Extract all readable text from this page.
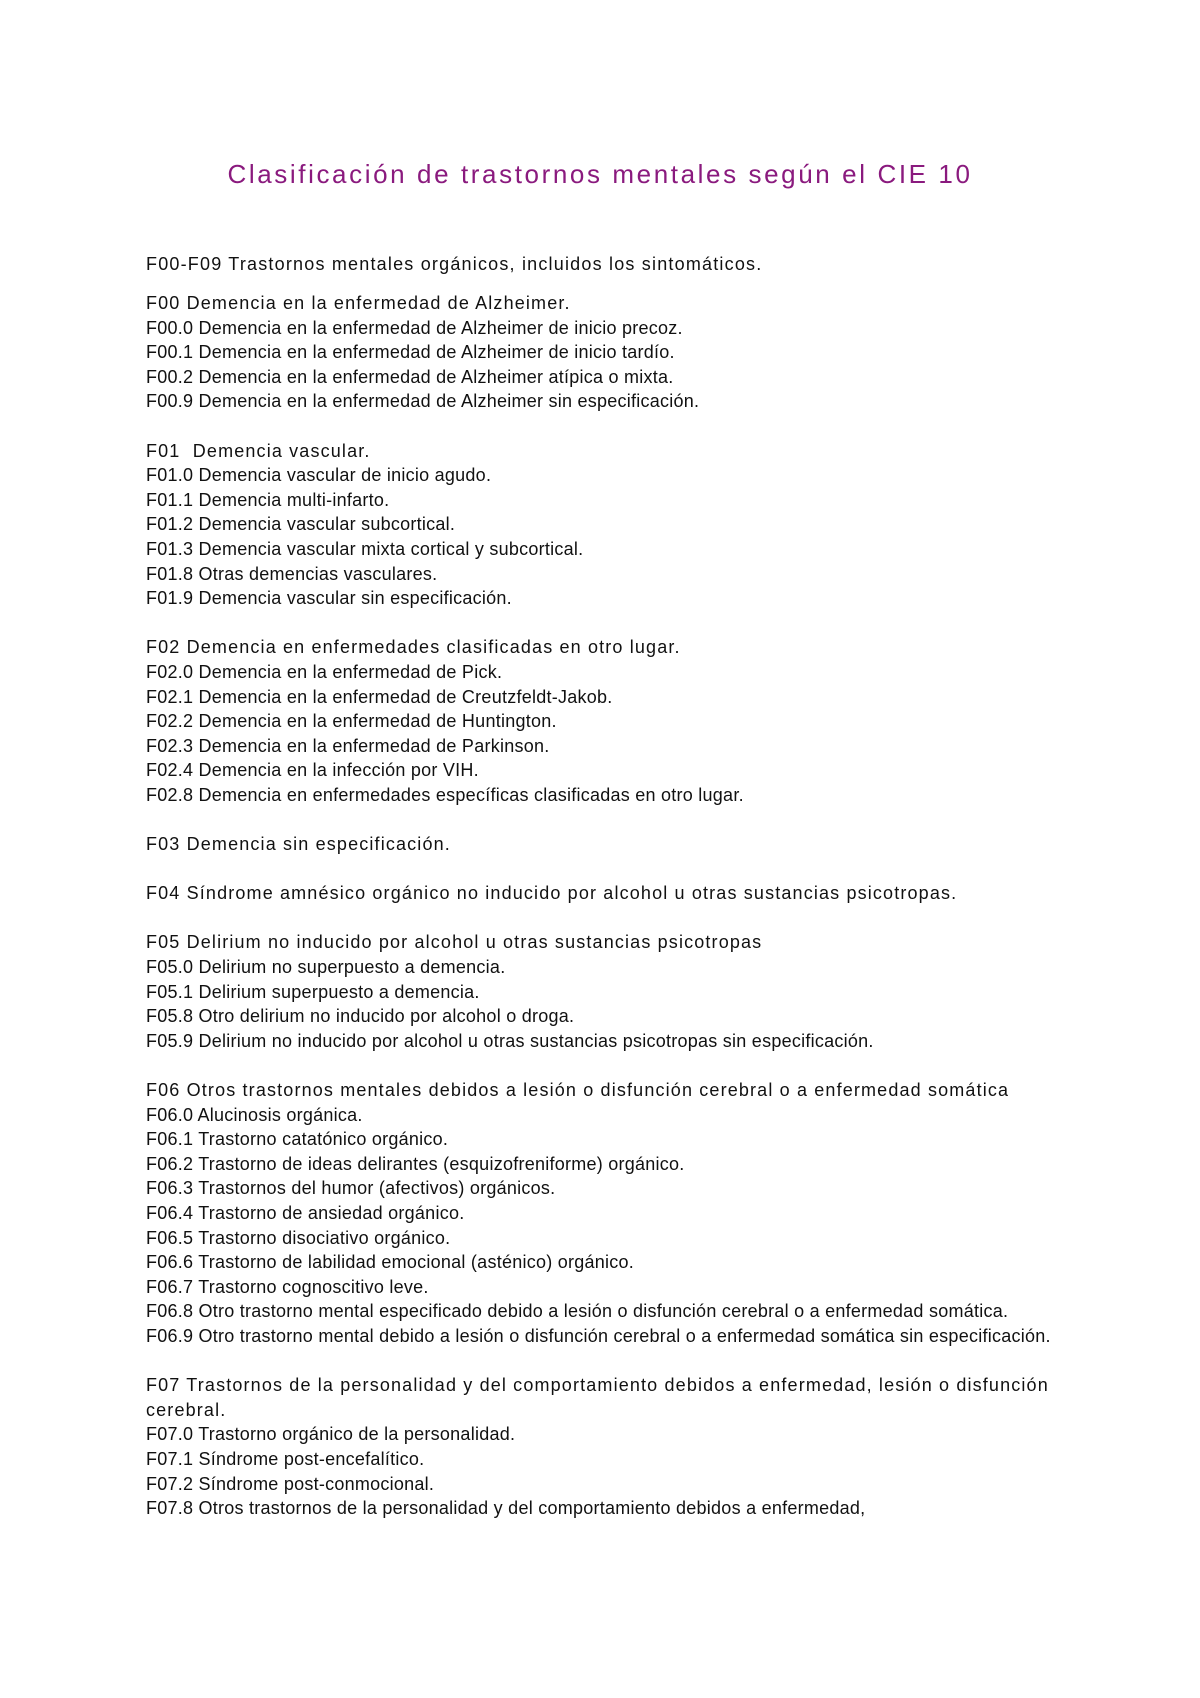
Clasificación de trastornos mentales según el CIE 10

F00-F09 Trastornos mentales orgánicos, incluidos los sintomáticos.

F00 Demencia en la enfermedad de Alzheimer.

F00.0 Demencia en la enfermedad de Alzheimer de inicio precoz.

F00.1 Demencia en la enfermedad de Alzheimer de inicio tardío.

F00.2 Demencia en la enfermedad de Alzheimer atípica o mixta.

F00.9 Demencia en la enfermedad de Alzheimer sin especificación.

F01  Demencia vascular.

F01.0 Demencia vascular de inicio agudo.

F01.1 Demencia multi-infarto.

F01.2 Demencia vascular subcortical.

F01.3 Demencia vascular mixta cortical y subcortical.

F01.8 Otras demencias vasculares.

F01.9 Demencia vascular sin especificación.

F02 Demencia en enfermedades clasificadas en otro lugar.

F02.0 Demencia en la enfermedad de Pick.

F02.1 Demencia en la enfermedad de Creutzfeldt-Jakob.

F02.2 Demencia en la enfermedad de Huntington.

F02.3 Demencia en la enfermedad de Parkinson.

F02.4 Demencia en la infección por VIH.

F02.8 Demencia en enfermedades específicas clasificadas en otro lugar.

F03 Demencia sin especificación.

F04 Síndrome amnésico orgánico no inducido por alcohol u otras sustancias psicotropas.

F05 Delirium no inducido por alcohol u otras sustancias psicotropas

F05.0 Delirium no superpuesto a demencia.

F05.1 Delirium superpuesto a demencia.

F05.8 Otro delirium no inducido por alcohol o droga.

F05.9 Delirium no inducido por alcohol u otras sustancias psicotropas sin especificación.

F06 Otros trastornos mentales debidos a lesión o disfunción cerebral o a enfermedad somática

F06.0 Alucinosis orgánica.

F06.1 Trastorno catatónico orgánico.

F06.2 Trastorno de ideas delirantes (esquizofreniforme) orgánico.

F06.3 Trastornos del humor (afectivos) orgánicos.

F06.4 Trastorno de ansiedad orgánico.

F06.5 Trastorno disociativo orgánico.

F06.6 Trastorno de labilidad emocional (asténico) orgánico.

F06.7 Trastorno cognoscitivo leve.

F06.8 Otro trastorno mental especificado debido a lesión o disfunción cerebral o a enfermedad somática.

F06.9 Otro trastorno mental debido a lesión o disfunción cerebral o a enfermedad somática sin especificación.

F07 Trastornos de la personalidad y del comportamiento debidos a enfermedad, lesión o disfunción cerebral.

F07.0 Trastorno orgánico de la personalidad.

F07.1 Síndrome post-encefalítico.

F07.2 Síndrome post-conmocional.

F07.8 Otros trastornos de la personalidad y del comportamiento debidos a enfermedad,
